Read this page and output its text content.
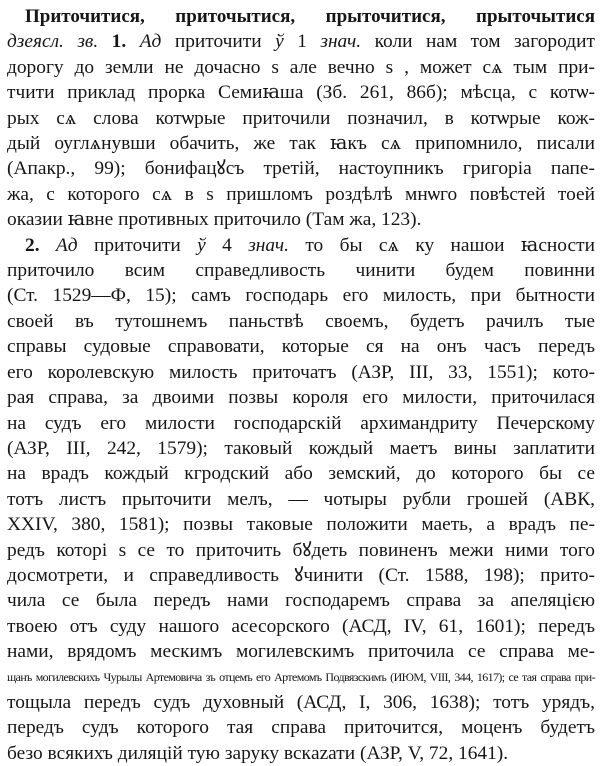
Приточитися, приточытися, прыточитися, прыточытися
дзеясл. зв. 1. Ад приточити ў 1 знач. коли нам том загородит
дорогу до земли не дочасно s але вечно s , может сѧ тым при-
тчити приклад прорка Семиꙗша (Зб. 261, 86б); мѣсца, с котѡ-
рых сѧ слова котѡрые приточили позначил, в котѡрые кож-
дый оуглѧнувши обачить, же так ꙗкъ сѧ припомнило, писали
(Апакр., 99); бонифацꙋсъ третій, настоупникъ григоріа папе-
жа, с которого сѧ в s пришломъ роздѣлѣ мнѡго повѣстей тоей
оказии ꙗвне противных приточило (Там жа, 123).
2. Ад приточити ў 4 знач. то бы сѧ ку нашои ꙗсности
приточило всим справедливость чинити будем повинни
(Ст. 1529—Ф, 15); самъ господарь его милость, при бытности
своей въ тутошнемъ паньствѣ своемъ, будетъ рачилъ тые
справы судовые справовати, которые ся на онъ часъ передъ
его королевскую милость приточатъ (АЗР, III, 33, 1551); кото-
рая справа, за двоими позвы короля его милости, приточилася
на судъ его милости господарскій архимандриту Печерскому
(АЗР, III, 242, 1579); таковый кождый маетъ вины заплатити
на врадъ кождый кгродский або земский, до которого бы се
тотъ листъ прыточити мелъ, — чотыры рубли грошей (АВК,
XXIV, 380, 1581); позвы таковые положити маеть, а врадъ пе-
редъ которі s се то приточить бꙋдеть повиненъ межи ними того
досмотрети, и справедливость ꙋчинити (Ст. 1588, 198); прито-
чила се была передъ нами господаремъ справа за апеляцією
твоею отъ суду нашого асесорского (АСД, IV, 61, 1601); передъ
нами, врядомъ мескимъ могилевскимъ приточила се справа ме-
щанъ могилевскихъ Чурылы Артемовича зъ отцемъ его Артемомъ Подвязскимъ (ИЮМ, VIII, 344, 1617); се тая справа при-
тощыла передъ судъ духовный (АСД, I, 306, 1638); тотъ урядъ,
передъ судъ которого тая справа приточится, моценъ будетъ
безо всякихъ диляцій тую заруку вскazати (АЗР, V, 72, 1641).
